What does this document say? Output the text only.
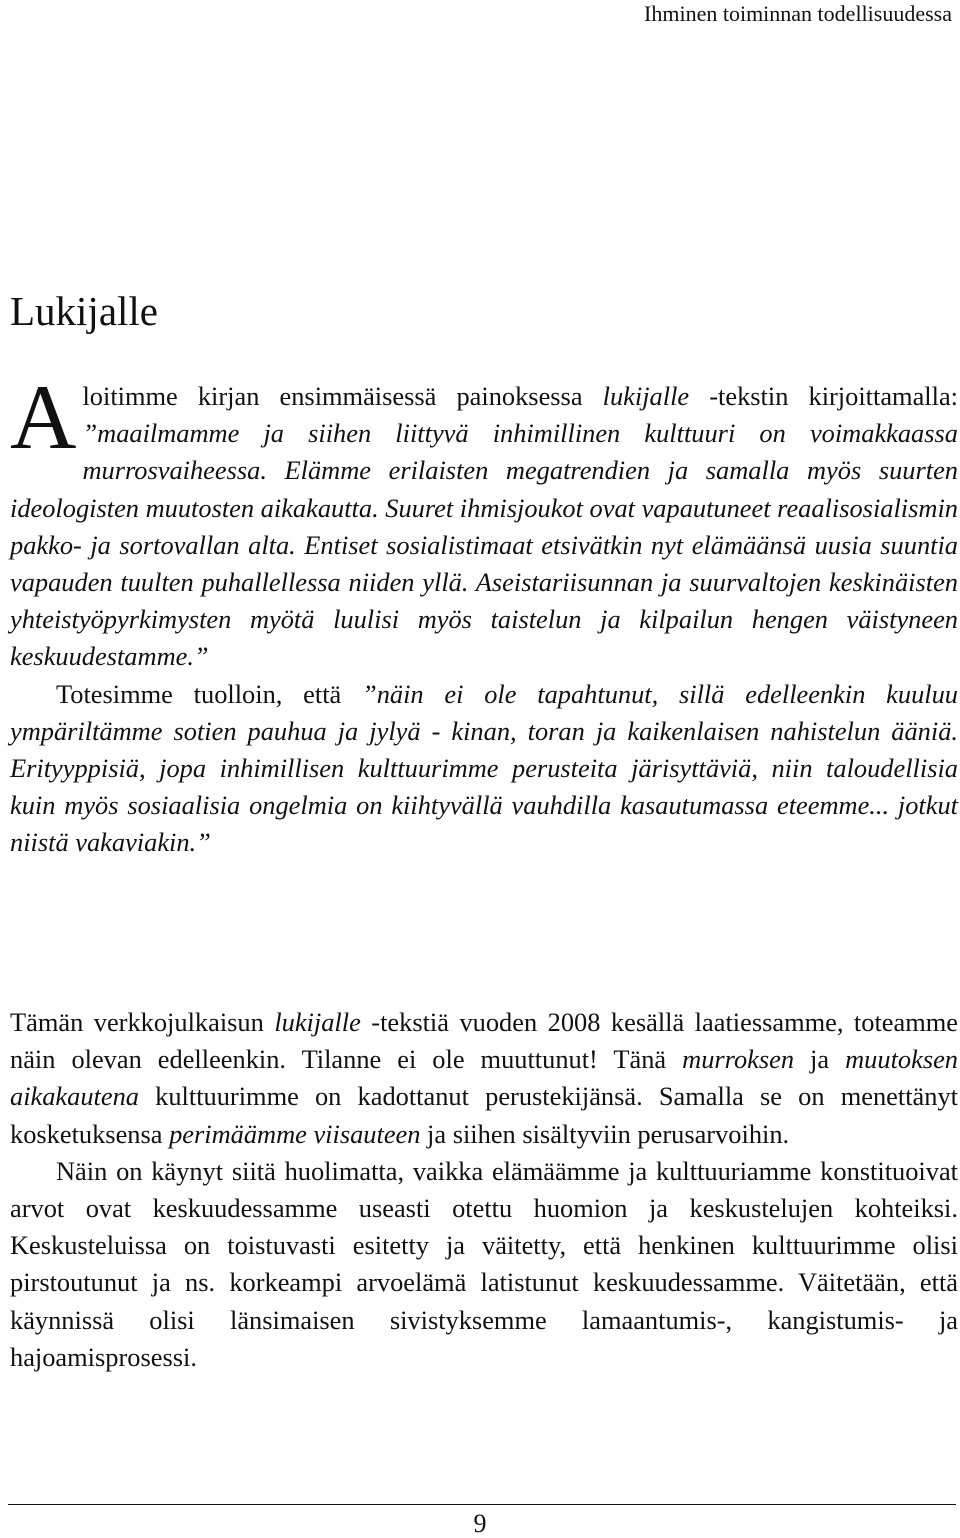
Ihminen toiminnan todellisuudessa
Lukijalle

Aloitimme kirjan ensimmäisessä painoksessa lukijalle -tekstin kirjoittamalla: ”maailmamme ja siihen liittyvä inhimillinen kulttuuri on voimakkaassa murrosvaiheessa. Elämme erilaisten megatrendien ja samalla myös suurten ideologisten muutosten aikakautta. Suuret ihmisjoukot ovat vapautuneet reaalisosialismin pakko- ja sortovallan alta. Entiset sosialistimaat etsivätkin nyt elämäänsä uusia suuntia vapauden tuulten puhallellessa niiden yllä. Aseistariisunnan ja suurvaltojen keskinäisten yhteistyöpyrkimysten myötä luulisi myös taistelun ja kilpailun hengen väistyneen keskuudestamme.”

Totesimme tuolloin, että ”näin ei ole tapahtunut, sillä edelleenkin kuuluu ympäriltämme sotien pauhua ja jylyä - kinan, toran ja kaikenlaisen nahistelun ääniä. Erityyppisiä, jopa inhimillisen kulttuurimme perusteita järisyttäviä, niin taloudellisia kuin myös sosiaalisia ongelmia on kiihtyvällä vauhdilla kasautumassa eteemme... jotkut niistä vakaviakin.”

Tämän verkkojulkaisun lukijalle -tekstiä vuoden 2008 kesällä laatiessamme, toteamme näin olevan edelleenkin. Tilanne ei ole muuttunut! Tänä murroksen ja muutoksen aikakautena kulttuurimme on kadottanut perustekijänsä. Samalla se on menettänyt kosketuksensa perimäämme viisauteen ja siihen sisältyviin perusarvoihin.

Näin on käynyt siitä huolimatta, vaikka elämäämme ja kulttuuriamme konstituoivat arvot ovat keskuudessamme useasti otettu huomion ja keskustelujen kohteiksi. Keskusteluissa on toistuvasti esitetty ja väitetty, että henkinen kulttuurimme olisi pirstoutunut ja ns. korkeampi arvoelämä latistunut keskuudessamme. Väitetään, että käynnissä olisi länsimaisen sivistyksemme lamaantumis-, kangistumis- ja hajoamisprosessi.

9
